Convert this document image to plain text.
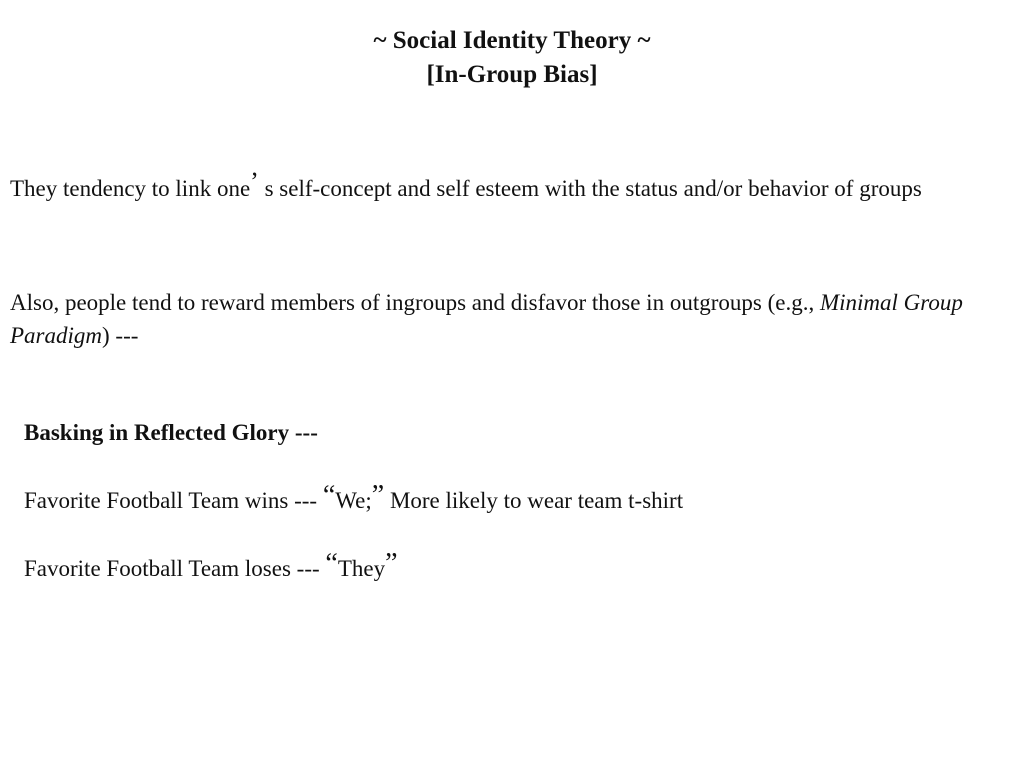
~ Social Identity Theory ~
[In-Group Bias]
They tendency to link one’ s self-concept and self esteem with the status and/or behavior of groups
Also, people tend to reward members of ingroups and disfavor those in outgroups (e.g., Minimal Group Paradigm) ---
Basking in Reflected Glory ---
Favorite Football Team wins --- “We;” More likely to wear team t-shirt
Favorite Football Team loses --- “They”
